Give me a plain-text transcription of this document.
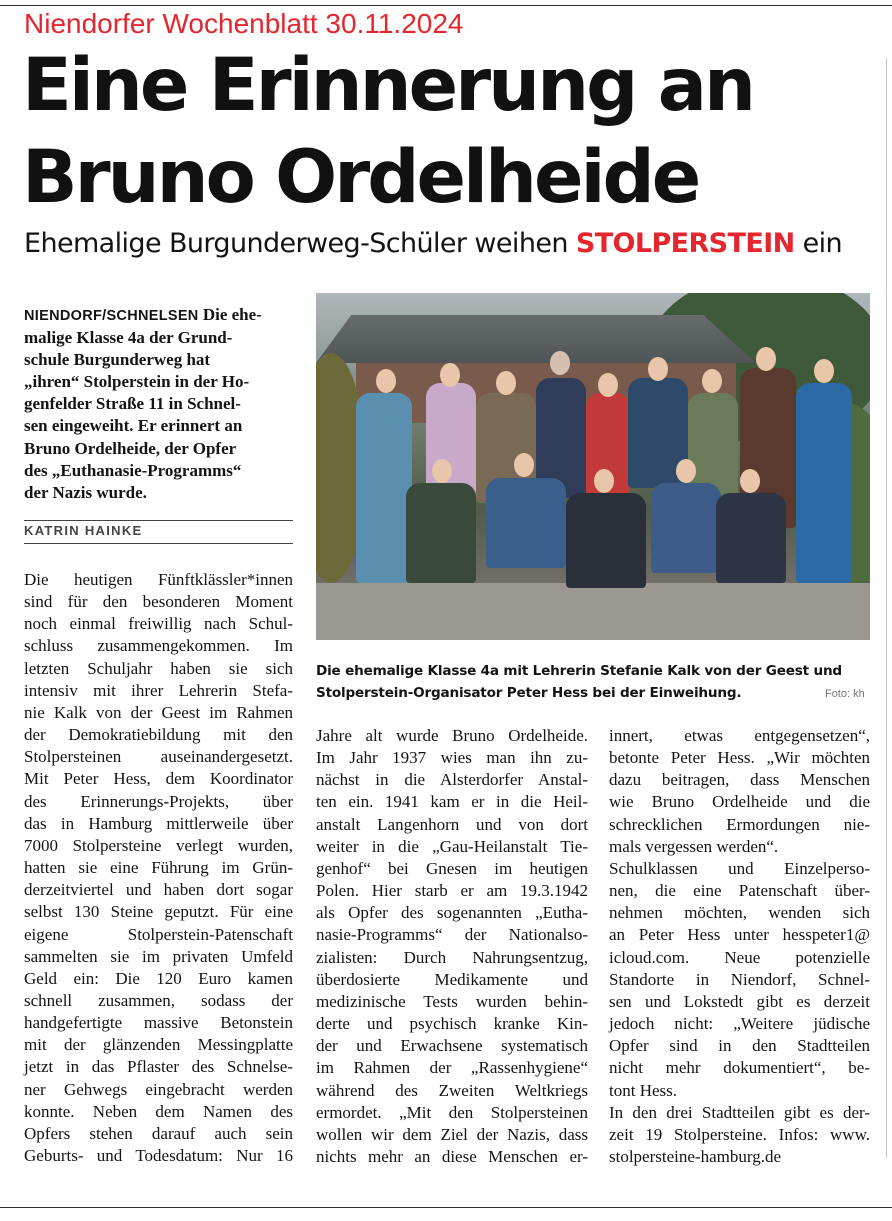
Niendorfer Wochenblatt 30.11.2024
Eine Erinnerung an
Bruno Ordelheide
Ehemalige Burgunderweg-Schüler weihen STOLPERSTEIN ein
NIENDORF/SCHNELSEN Die ehe-
malige Klasse 4a der Grund-
schule Burgunderweg hat
„ihren“ Stolperstein in der Ho-
genfelder Straße 11 in Schnel-
sen eingeweiht. Er erinnert an
Bruno Ordelheide, der Opfer
des „Euthanasie-Programms“
der Nazis wurde.
KATRIN HAINKE
Die ehemalige Klasse 4a mit Lehrerin Stefanie Kalk von der Geest und
Stolperstein-Organisator Peter Hess bei der Einweihung.	Foto: kh
Die heutigen Fünftklässler*innen
sind für den besonderen Moment
noch einmal freiwillig nach Schul-
schluss zusammengekommen. Im
letzten Schuljahr haben sie sich
intensiv mit ihrer Lehrerin Stefa-
nie Kalk von der Geest im Rahmen
der Demokratiebildung mit den
Stolpersteinen auseinandergesetzt.
Mit Peter Hess, dem Koordinator
des Erinnerungs-Projekts, über
das in Hamburg mittlerweile über
7000 Stolpersteine verlegt wurden,
hatten sie eine Führung im Grün-
derzeitviertel und haben dort sogar
selbst 130 Steine geputzt. Für eine
eigene Stolperstein-Patenschaft
sammelten sie im privaten Umfeld
Geld ein: Die 120 Euro kamen
schnell zusammen, sodass der
handgefertigte massive Betonstein
mit der glänzenden Messingplatte
jetzt in das Pflaster des Schnelse-
ner Gehwegs eingebracht werden
konnte. Neben dem Namen des
Opfers stehen darauf auch sein
Geburts- und Todesdatum: Nur 16
Jahre alt wurde Bruno Ordelheide.
Im Jahr 1937 wies man ihn zu-
nächst in die Alsterdorfer Anstal-
ten ein. 1941 kam er in die Heil-
anstalt Langenhorn und von dort
weiter in die „Gau-Heilanstalt Tie-
genhof“ bei Gnesen im heutigen
Polen. Hier starb er am 19.3.1942
als Opfer des sogenannten „Eutha-
nasie-Programms“ der Nationalso-
zialisten: Durch Nahrungsentzug,
überdosierte Medikamente und
medizinische Tests wurden behin-
derte und psychisch kranke Kin-
der und Erwachsene systematisch
im Rahmen der „Rassenhygiene“
während des Zweiten Weltkriegs
ermordet. „Mit den Stolpersteinen
wollen wir dem Ziel der Nazis, dass
nichts mehr an diese Menschen er-
innert, etwas entgegensetzen“,
betonte Peter Hess. „Wir möchten
dazu beitragen, dass Menschen
wie Bruno Ordelheide und die
schrecklichen Ermordungen nie-
mals vergessen werden“.
Schulklassen und Einzelperso-
nen, die eine Patenschaft über-
nehmen möchten, wenden sich
an Peter Hess unter hesspeter1@
icloud.com. Neue potenzielle
Standorte in Niendorf, Schnel-
sen und Lokstedt gibt es derzeit
jedoch nicht: „Weitere jüdische
Opfer sind in den Stadtteilen
nicht mehr dokumentiert“, be-
tont Hess.
In den drei Stadtteilen gibt es der-
zeit 19 Stolpersteine. Infos: www.
stolpersteine-hamburg.de
